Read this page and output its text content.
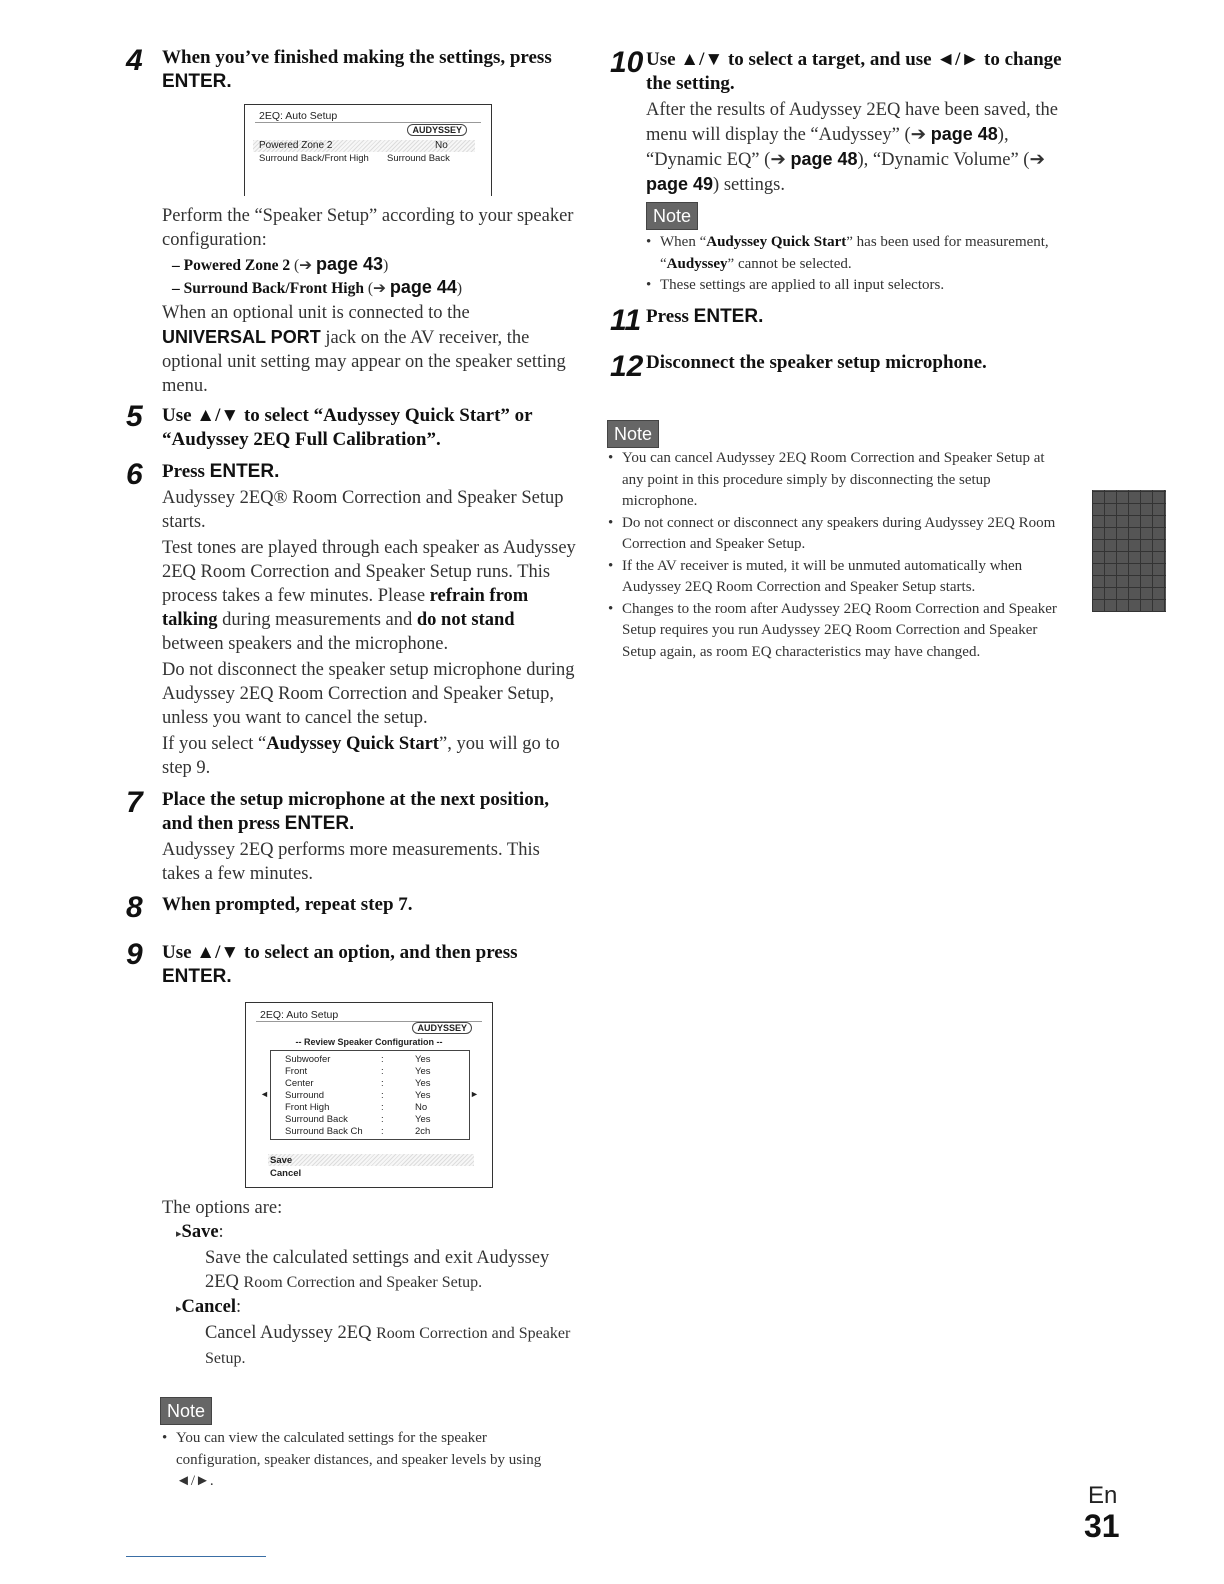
4 When you’ve finished making the settings, press
ENTER.

2EQ: Auto Setup
AUDYSSEY
Powered Zone 2	No
Surround Back/Front High Surround Back

Perform the “Speaker Setup” according to your speaker configuration:

– Powered Zone 2 (➔ page 43)

– Surround Back/Front High (➔ page 44)

When an optional unit is connected to the UNIVERSAL PORT jack on the AV receiver, the optional unit setting may appear on the speaker setting menu.

5 Use ▲/▼ to select “Audyssey Quick Start” or “Audyssey 2EQ Full Calibration”.

6 Press ENTER.

Audyssey 2EQ® Room Correction and Speaker Setup starts.

Test tones are played through each speaker as Audyssey 2EQ Room Correction and Speaker Setup runs. This process takes a few minutes. Please refrain from talking during measurements and do not stand between speakers and the microphone.

Do not disconnect the speaker setup microphone during Audyssey 2EQ Room Correction and Speaker Setup, unless you want to cancel the setup.

If you select “Audyssey Quick Start”, you will go to step 9.

7 Place the setup microphone at the next position, and then press ENTER.

Audyssey 2EQ performs more measurements. This takes a few minutes.

8 When prompted, repeat step 7.

9 Use ▲/▼ to select an option, and then press
ENTER.

2EQ: Auto Setup
AUDYSSEY
-- Review Speaker Configuration --
Subwoofer	:	Yes
Front	:	Yes
Center	:	Yes
Surround	:	Yes
Front High	:	No
Surround Back	:	Yes
Surround Back Ch :	2ch
◄	►
Save
Cancel

The options are:

▸Save:

Save the calculated settings and exit Audyssey 2EQ Room Correction and Speaker Setup.

▸Cancel:

Cancel Audyssey 2EQ Room Correction and Speaker Setup.

Note
• You can view the calculated settings for the speaker configuration, speaker distances, and speaker levels by using ◄/►.
10 Use ▲/▼ to select a target, and use ◄/► to change the setting.

After the results of Audyssey 2EQ have been saved, the menu will display the “Audyssey” (➔ page 48), “Dynamic EQ” (➔ page 48), “Dynamic Volume” (➔ page 49) settings.

Note
• When “Audyssey Quick Start” has been used for measurement, “Audyssey” cannot be selected.
• These settings are applied to all input selectors.
11 Press ENTER.

12 Disconnect the speaker setup microphone.

Note
• You can cancel Audyssey 2EQ Room Correction and Speaker Setup at any point in this procedure simply by disconnecting the setup microphone.
• Do not connect or disconnect any speakers during Audyssey 2EQ Room Correction and Speaker Setup.
• If the AV receiver is muted, it will be unmuted automatically when Audyssey 2EQ Room Correction and Speaker Setup starts.
• Changes to the room after Audyssey 2EQ Room Correction and Speaker Setup requires you run Audyssey 2EQ Room Correction and Speaker Setup again, as room EQ characteristics may have changed.
En
31
